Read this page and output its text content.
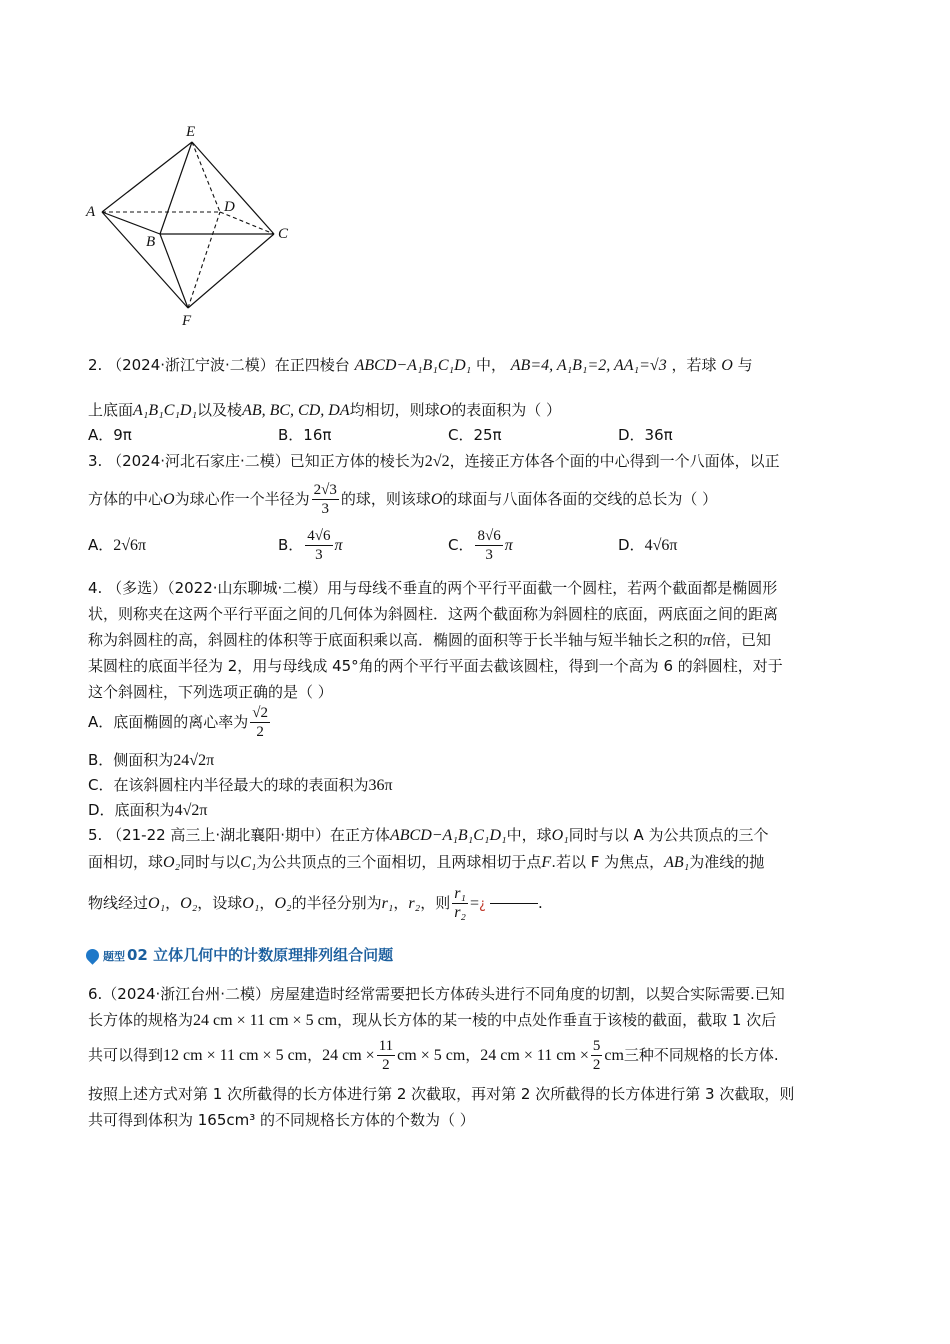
E
A
B
D
C
F
2. （2024·浙江宁波·二模）在正四棱台 ABCD−A₁B₁C₁D₁ 中， AB=4, A₁B₁=2, AA₁=√3 ，若球 O 与
上底面A₁B₁C₁D₁以及棱AB, BC, CD, DA均相切，则球O的表面积为（ ）
A．9π	B．16π	C．25π	D．36π
3. （2024·河北石家庄·二模）已知正方体的棱长为2√2，连接正方体各个面的中心得到一个八面体，以正
方体的中心O为球心作一个半径为 $\frac{2√3}{3}$ 的球，则该球O的球面与八面体各面的交线的总长为（ ）
A．2√6π	B． $\frac{4√6}{3}$ π	C． $\frac{8√6}{3}$ π	D．4√6π
4. （多选）（2022·山东聊城·二模）用与母线不垂直的两个平行平面截一个圆柱，若两个截面都是椭圆形
状，则称夹在这两个平行平面之间的几何体为斜圆柱．这两个截面称为斜圆柱的底面，两底面之间的距离
称为斜圆柱的高，斜圆柱的体积等于底面积乘以高．椭圆的面积等于长半轴与短半轴长之积的π倍，已知
某圆柱的底面半径为 2，用与母线成 45°角的两个平行平面去截该圆柱，得到一个高为 6 的斜圆柱，对于
这个斜圆柱，下列选项正确的是（ ）
A．底面椭圆的离心率为 $\frac{√2}{2}$
B．侧面积为24√2π
C．在该斜圆柱内半径最大的球的表面积为36π
D．底面积为4√2π
5. （21-22 高三上·湖北襄阳·期中）在正方体ABCD−A₁B₁C₁D₁中，球O₁同时与以 A 为公共顶点的三个
面相切，球O₂同时与以C₁为公共顶点的三个面相切，且两球相切于点F.若以 F 为焦点，AB₁为准线的抛
物线经过O₁，O₂，设球O₁，O₂的半径分别为r₁，r₂，则 $\frac{\text{r₁}}{\text{r₂}}$ =¿	.
题型 02 立体几何中的计数原理排列组合问题
6.（2024·浙江台州·二模）房屋建造时经常需要把长方体砖头进行不同角度的切割，以契合实际需要.已知
长方体的规格为24 cm × 11 cm × 5 cm，现从长方体的某一棱的中点处作垂直于该棱的截面，截取 1 次后
共可以得到12 cm × 11 cm × 5 cm，24 cm × $\frac{11}{2}$ cm × 5 cm，24 cm × 11 cm × $\frac{5}{2}$ cm三种不同规格的长方体.
按照上述方式对第 1 次所截得的长方体进行第 2 次截取，再对第 2 次所截得的长方体进行第 3 次截取，则
共可得到体积为 165cm³ 的不同规格长方体的个数为（ ）
